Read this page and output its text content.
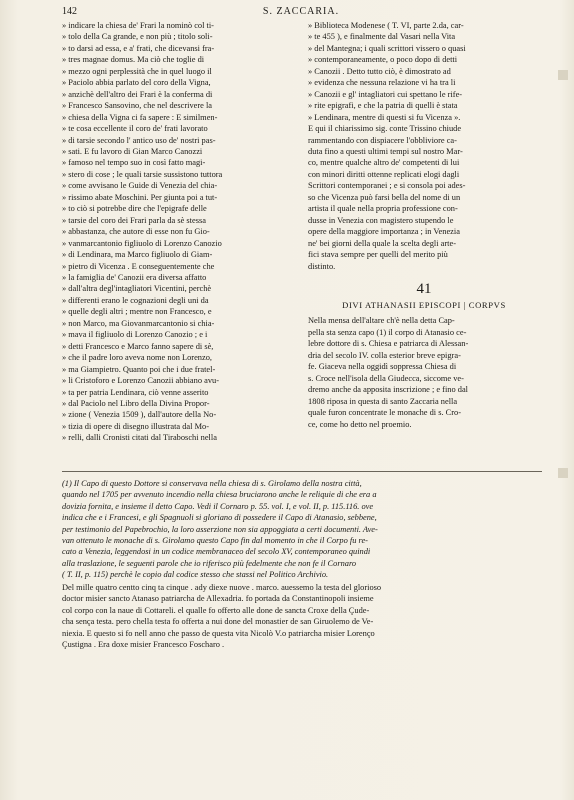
142	S. ZACCARIA.
» indicare la chiesa de' Frari la nominò col ti-
» tolo della Ca grande, e non più ; titolo soli-
» to darsi ad essa, e a' frati, che dicevansi fra-
» tres magnae domus. Ma ciò che toglie di
» mezzo ogni perplessità che in quel luogo il
» Paciolo abbia parlato del coro della Vigna,
» anzichè dell'altro dei Frari è la conferma di
» Francesco Sansovino, che nel descrivere la
» chiesa della Vigna ci fa sapere : E similmen-
» te cosa eccellente il coro de' frati lavorato
» di tarsie secondo l' antico uso de' nostri pas-
» sati. E fu lavoro di Gian Marco Canozzi
» famoso nel tempo suo in così fatto magi-
» stero di cose ; le quali tarsie sussistono tuttora
» come avvisano le Guide di Venezia del chia-
» rissimo abate Moschini. Per giunta poi a tut-
» to ciò si potrebbe dire che l'epigrafe delle
» tarsie del coro dei Frari parla da sè stessa
» abbastanza, che autore di esse non fu Gio-
» vanmarcantonio figliuolo di Lorenzo Canozio
» di Lendinara, ma Marco figliuolo di Giam-
» pietro di Vicenza . E conseguentemente che
» la famiglia de' Canozii era diversa affatto
» dall'altra degl'intagliatori Vicentini, perchè
» differenti erano le cognazioni degli uni da
» quelle degli altri ; mentre non Francesco, e
» non Marco, ma Giovanmarcantonio si chia-
» mava il figliuolo di Lorenzo Canozio ; e i
» detti Francesco e Marco fanno sapere di sè,
» che il padre loro aveva nome non Lorenzo,
» ma Giampietro. Quanto poi che i due fratel-
» li Cristoforo e Lorenzo Canozii abbiano avu-
» ta per patria Lendinara, ciò venne asserito
» dal Paciolo nel Libro della Divina Propor-
» zione ( Venezia 1509 ), dall'autore della No-
» tizia di opere di disegno illustrata dal Mo-
» relli, dalli Cronisti citati dal Tiraboschi nella
» Biblioteca Modenese ( T. VI, parte 2.da, car-
» te 455 ), e finalmente dal Vasari nella Vita
» del Mantegna; i quali scrittori vissero o quasi
» contemporaneamente, o poco dopo di detti
» Canozii . Detto tutto ciò, è dimostrato ad
» evidenza che nessuna relazione vi ha tra li
» Canozii e gl' intagliatori cui spettano le rife-
» rite epigrafi, e che la patria di quelli è stata
» Lendinara, mentre di questi si fu Vicenza ».
E qui il chiarissimo sig. conte Trissino chiude
rammentando con dispiacere l'obbliviore ca-
duta fino a questi ultimi tempi sul nostro Mar-
co, mentre qualche altro de' competenti di lui
con minori diritti ottenne replicati elogi dagli
Scrittori contemporanei ; e si consola poi ades-
so che Vicenza può farsi bella del nome di un
artista il quale nella propria professione con-
dusse in Venezia con magistero stupendo le
opere della maggiore importanza ; in Venezia
ne' bei giorni della quale la scelta degli arte-
fici stava sempre per quelli del merito più
distinto.
41
DIVI ATHANASII EPISCOPI | CORPVS
Nella mensa dell'altare ch'è nella detta Cap-
pella sta senza capo (1) il corpo di Atanasio ce-
lebre dottore di s. Chiesa e patriarca di Alessan-
dria del secolo IV. colla esterior breve epigra-
fe. Giaceva nella oggidì soppressa Chiesa di
s. Croce nell'isola della Giudecca, siccome ve-
dremo anche da apposita inscrizione ; e fino dal
1808 riposa in questa di santo Zaccaria nella
quale furon concentrate le monache di s. Cro-
ce, come ho detto nel proemio.
(1) Il Capo di questo Dottore si conservava nella chiesa di s. Girolamo della nostra città,
quando nel 1705 per avvenuto incendio nella chiesa bruciarono anche le reliquie di che era a
dovizia fornita, e insieme il detto Capo. Vedi il Cornaro p. 55. vol. I, e vol. II, p. 115.116. ove
indica che e i Francesi, e gli Spagnuoli si gloriano di possedere il Capo di Atanasio, sebbene,
per testimonio del Papebrochio, la loro asserzione non sia appoggiata a certi documenti. Ave-
van ottenuto le monache di s. Girolamo questo Capo fin dal momento in che il Corpo fu re-
cato a Venezia, leggendosi in un codice membranaceo del secolo XV, contemporaneo quindi
alla traslazione, le seguenti parole che io riferisco più fedelmente che non fe il Cornaro
( T. II, p. 115) perchè le copio dal codice stesso che stassi nel Politico Archivio.
Del mille quatro centto cinq ta cinque . ady diexe nuove . marco. auessemo la testa del glorioso
doctor misier sancto Atanaso patriarcha de Allexadria. fo portada da Constantinopoli insieme
col corpo con la naue di Cottareli. el qualle fo offerto alle done de sancta Croxe della Çude-
cha sença testa. pero chella testa fo offerta a nui done del monastier de san Giruolemo de Ve-
niexia. E questo si fo nell anno che passo de questa vita Nicolò V.o patriarcha misier Lorenço
Çustigna . Era doxe misier Francesco Foscharo .
